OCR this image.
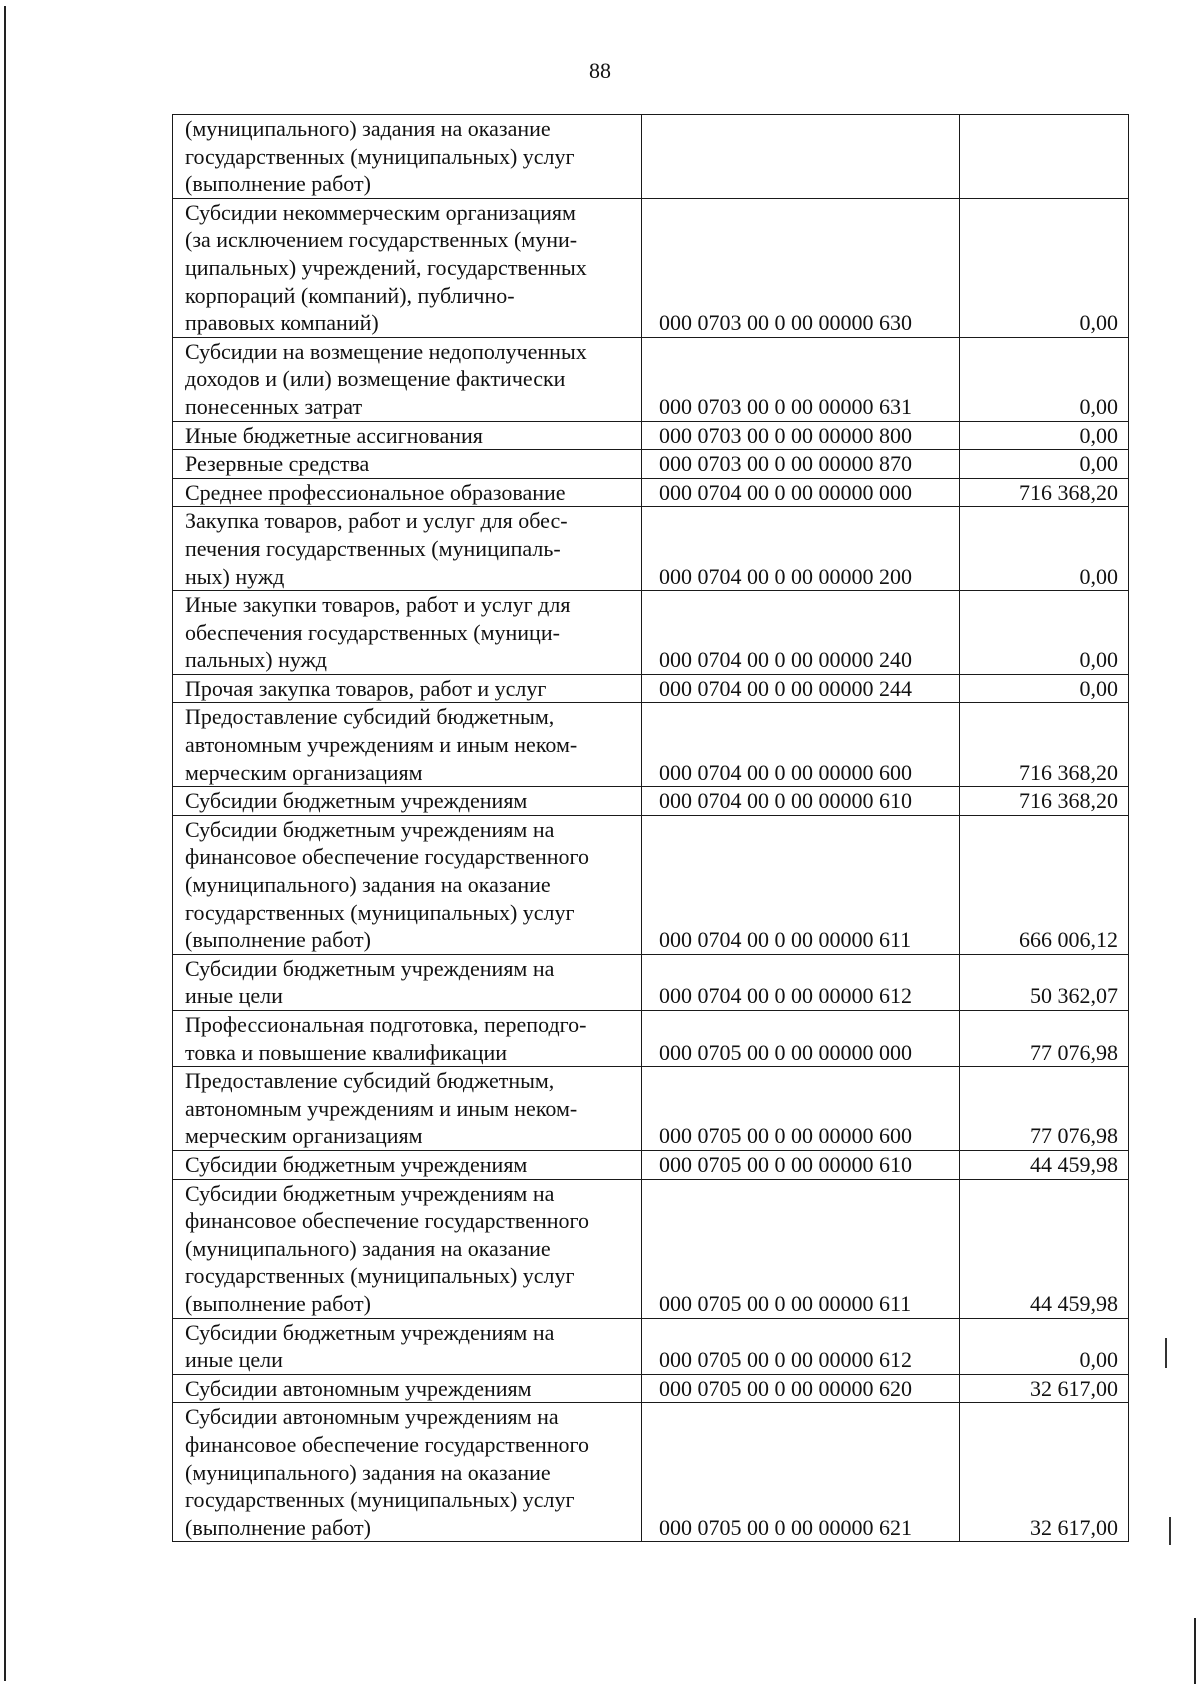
88
(муниципального) задания на оказание
государственных (муниципальных) услуг
(выполнение работ)		
Субсидии некоммерческим организациям
(за исключением государственных (муни-
ципальных) учреждений, государственных
корпораций (компаний), публично-
правовых компаний)	000 0703 00 0 00 00000 630	0,00
Субсидии на возмещение недополученных
доходов и (или) возмещение фактически
понесенных затрат	000 0703 00 0 00 00000 631	0,00
Иные бюджетные ассигнования	000 0703 00 0 00 00000 800	0,00
Резервные средства	000 0703 00 0 00 00000 870	0,00
Среднее профессиональное образование	000 0704 00 0 00 00000 000	716 368,20
Закупка товаров, работ и услуг для обес-
печения государственных (муниципаль-
ных) нужд	000 0704 00 0 00 00000 200	0,00
Иные закупки товаров, работ и услуг для
обеспечения государственных (муници-
пальных) нужд	000 0704 00 0 00 00000 240	0,00
Прочая закупка товаров, работ и услуг	000 0704 00 0 00 00000 244	0,00
Предоставление субсидий бюджетным,
автономным учреждениям и иным неком-
мерческим организациям	000 0704 00 0 00 00000 600	716 368,20
Субсидии бюджетным учреждениям	000 0704 00 0 00 00000 610	716 368,20
Субсидии бюджетным учреждениям на
финансовое обеспечение государственного
(муниципального) задания на оказание
государственных (муниципальных) услуг
(выполнение работ)	000 0704 00 0 00 00000 611	666 006,12
Субсидии бюджетным учреждениям на
иные цели	000 0704 00 0 00 00000 612	50 362,07
Профессиональная подготовка, переподго-
товка и повышение квалификации	000 0705 00 0 00 00000 000	77 076,98
Предоставление субсидий бюджетным,
автономным учреждениям и иным неком-
мерческим организациям	000 0705 00 0 00 00000 600	77 076,98
Субсидии бюджетным учреждениям	000 0705 00 0 00 00000 610	44 459,98
Субсидии бюджетным учреждениям на
финансовое обеспечение государственного
(муниципального) задания на оказание
государственных (муниципальных) услуг
(выполнение работ)	000 0705 00 0 00 00000 611	44 459,98
Субсидии бюджетным учреждениям на
иные цели	000 0705 00 0 00 00000 612	0,00
Субсидии автономным учреждениям	000 0705 00 0 00 00000 620	32 617,00
Субсидии автономным учреждениям на
финансовое обеспечение государственного
(муниципального) задания на оказание
государственных (муниципальных) услуг
(выполнение работ)	000 0705 00 0 00 00000 621	32 617,00
